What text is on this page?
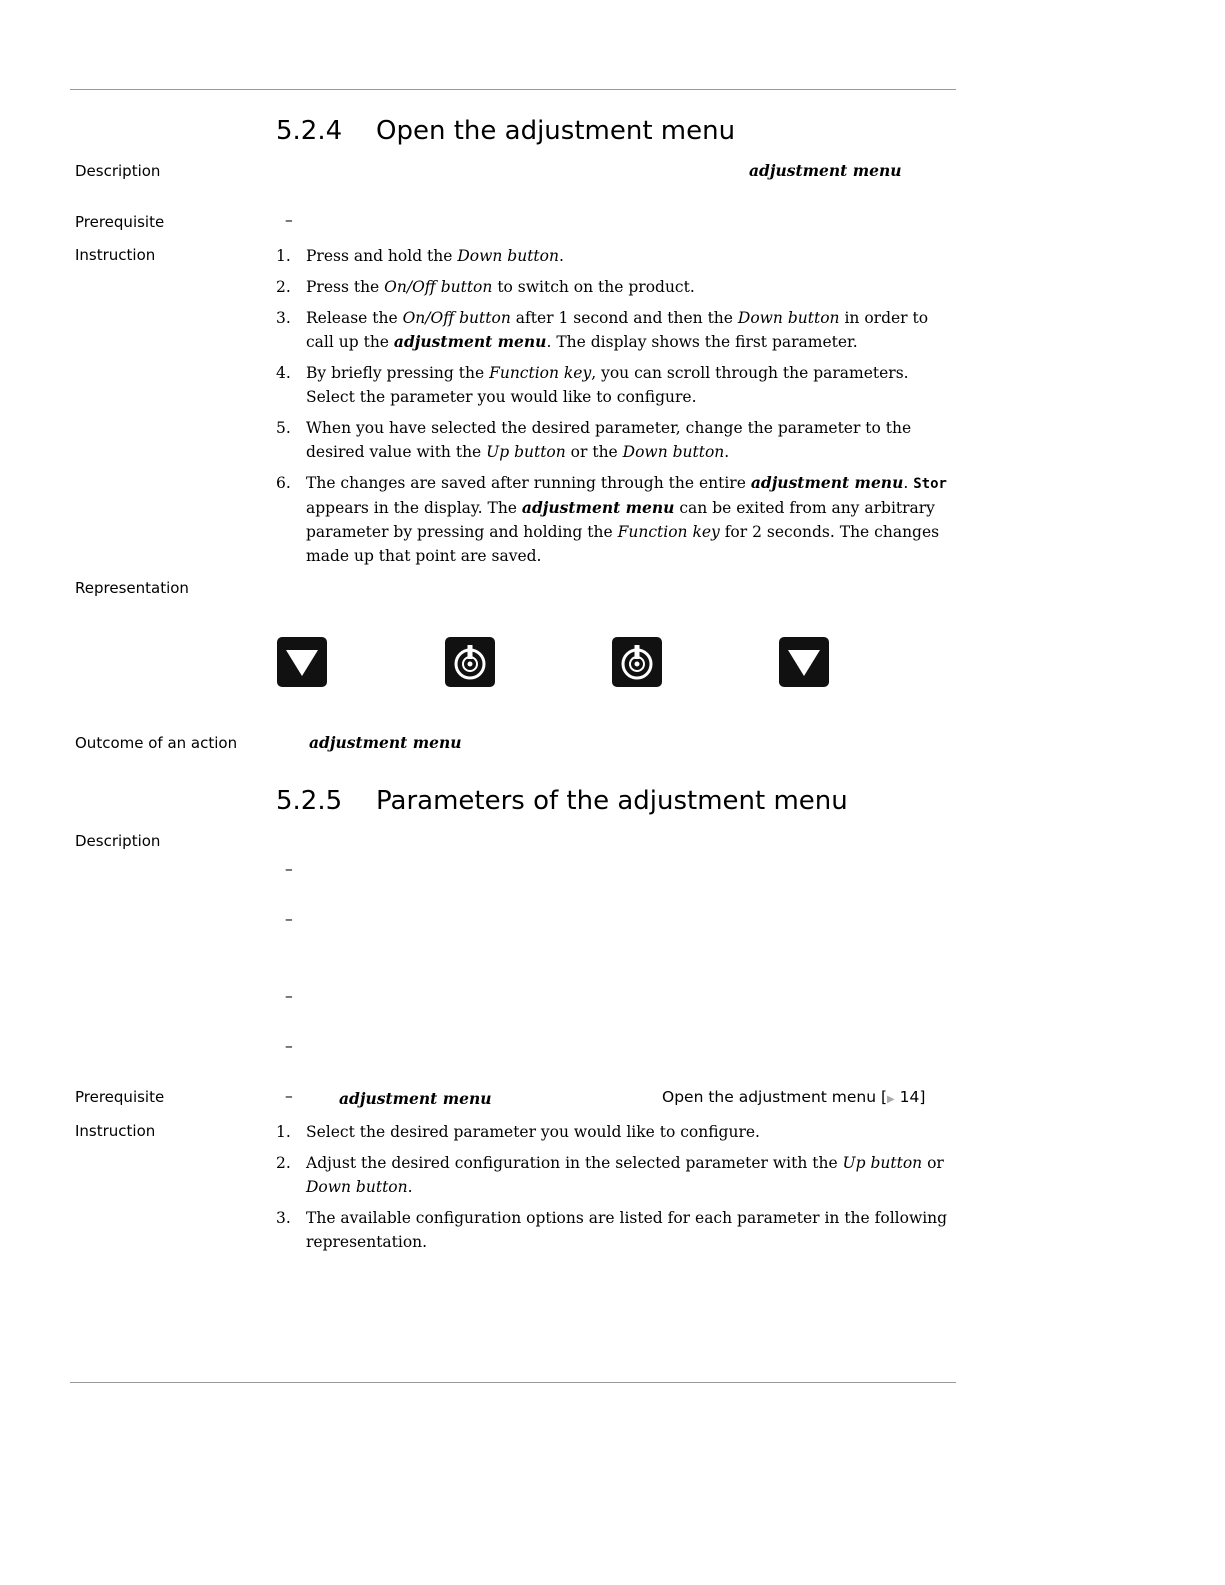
5.2.4 Open the adjustment menu
Description	adjustment menu
Prerequisite	–
Instruction	1. Press and hold the Down button.
2. Press the On/Off button to switch on the product.
3. Release the On/Off button after 1 second and then the Down button in order to call up the adjustment menu. The display shows the first parameter.
4. By briefly pressing the Function key, you can scroll through the parameters. Select the parameter you would like to configure.
5. When you have selected the desired parameter, change the parameter to the desired value with the Up button or the Down button.
6. The changes are saved after running through the entire adjustment menu. Stor appears in the display. The adjustment menu can be exited from any arbitrary parameter by pressing and holding the Function key for 2 seconds. The changes made up that point are saved.
Representation
Outcome of an action	adjustment menu
5.2.5 Parameters of the adjustment menu
Description
–
–
–
–
Prerequisite	–	adjustment menu	Open the adjustment menu [▶ 14]
Instruction	1. Select the desired parameter you would like to configure.
2. Adjust the desired configuration in the selected parameter with the Up button or Down button.
3. The available configuration options are listed for each parameter in the following representation.
